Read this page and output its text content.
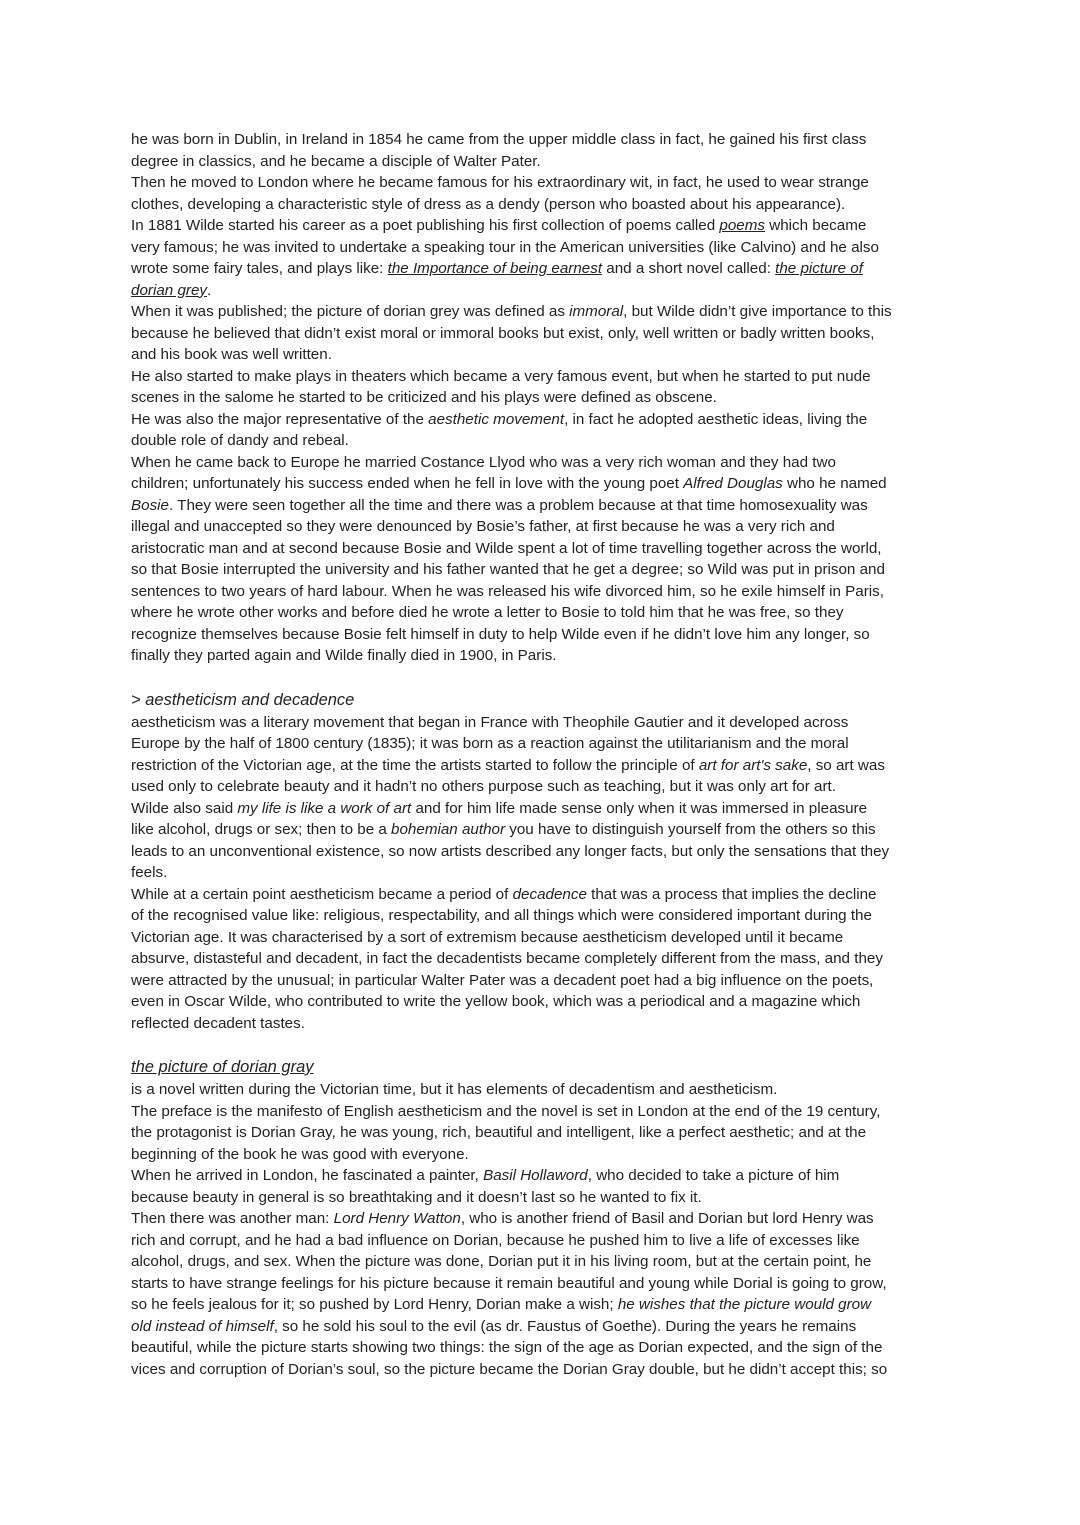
he was born in Dublin, in Ireland in 1854 he came from the upper middle class in fact, he gained his first class

degree in classics, and he became a disciple of Walter Pater.

Then he moved to London where he became famous for his extraordinary wit, in fact, he used to wear strange

clothes, developing a characteristic style of dress as a dendy (person who boasted about his appearance).

In 1881 Wilde started his career as a poet publishing his first collection of poems called poems which became

very famous; he was invited to undertake a speaking tour in the American universities (like Calvino) and he also

wrote some fairy tales, and plays like: the Importance of being earnest and a short novel called: the picture of

dorian grey.

When it was published; the picture of dorian grey was defined as immoral, but Wilde didn’t give importance to this

because he believed that didn’t exist moral or immoral books but exist, only, well written or badly written books,

and his book was well written.

He also started to make plays in theaters which became a very famous event, but when he started to put nude

scenes in the salome he started to be criticized and his plays were defined as obscene.

He was also the major representative of the aesthetic movement, in fact he adopted aesthetic ideas, living the

double role of dandy and rebeal.

When he came back to Europe he married Costance Llyod who was a very rich woman and they had two

children; unfortunately his success ended when he fell in love with the young poet Alfred Douglas who he named

Bosie. They were seen together all the time and there was a problem because at that time homosexuality was

illegal and unaccepted so they were denounced by Bosie’s father, at first because he was a very rich and

aristocratic man and at second because Bosie and Wilde spent a lot of time travelling together across the world,

so that Bosie interrupted the university and his father wanted that he get a degree; so Wild was put in prison and

sentences to two years of hard labour. When he was released his wife divorced him, so he exile himself in Paris,

where he wrote other works and before died he wrote a letter to Bosie to told him that he was free, so they

recognize themselves because Bosie felt himself in duty to help Wilde even if he didn’t love him any longer, so

finally they parted again and Wilde finally died in 1900, in Paris.

> aestheticism and decadence

aestheticism was a literary movement that began in France with Theophile Gautier and it developed across

Europe by the half of 1800 century (1835); it was born as a reaction against the utilitarianism and the moral

restriction of the Victorian age, at the time the artists started to follow the principle of art for art's sake, so art was

used only to celebrate beauty and it hadn’t no others purpose such as teaching, but it was only art for art.

Wilde also said my life is like a work of art and for him life made sense only when it was immersed in pleasure

like alcohol, drugs or sex; then to be a bohemian author you have to distinguish yourself from the others so this

leads to an unconventional existence, so now artists described any longer facts, but only the sensations that they

feels.

While at a certain point aestheticism became a period of decadence that was a process that implies the decline

of the recognised value like: religious, respectability, and all things which were considered important during the

Victorian age. It was characterised by a sort of extremism because aestheticism developed until it became

absurve, distasteful and decadent, in fact the decadentists became completely different from the mass, and they

were attracted by the unusual; in particular Walter Pater was a decadent poet had a big influence on the poets,

even in Oscar Wilde, who contributed to write the yellow book, which was a periodical and a magazine which

reflected decadent tastes.

the picture of dorian gray

is a novel written during the Victorian time, but it has elements of decadentism and aestheticism.

The preface is the manifesto of English aestheticism and the novel is set in London at the end of the 19 century,

the protagonist is Dorian Gray, he was young, rich, beautiful and intelligent, like a perfect aesthetic; and at the

beginning of the book he was good with everyone.

When he arrived in London, he fascinated a painter, Basil Hollaword, who decided to take a picture of him

because beauty in general is so breathtaking and it doesn’t last so he wanted to fix it.

Then there was another man: Lord Henry Watton, who is another friend of Basil and Dorian but lord Henry was

rich and corrupt, and he had a bad influence on Dorian, because he pushed him to live a life of excesses like

alcohol, drugs, and sex. When the picture was done, Dorian put it in his living room, but at the certain point, he

starts to have strange feelings for his picture because it remain beautiful and young while Dorial is going to grow,

so he feels jealous for it; so pushed by Lord Henry, Dorian make a wish; he wishes that the picture would grow

old instead of himself, so he sold his soul to the evil (as dr. Faustus of Goethe). During the years he remains

beautiful, while the picture starts showing two things: the sign of the age as Dorian expected, and the sign of the

vices and corruption of Dorian’s soul, so the picture became the Dorian Gray double, but he didn’t accept this; so
